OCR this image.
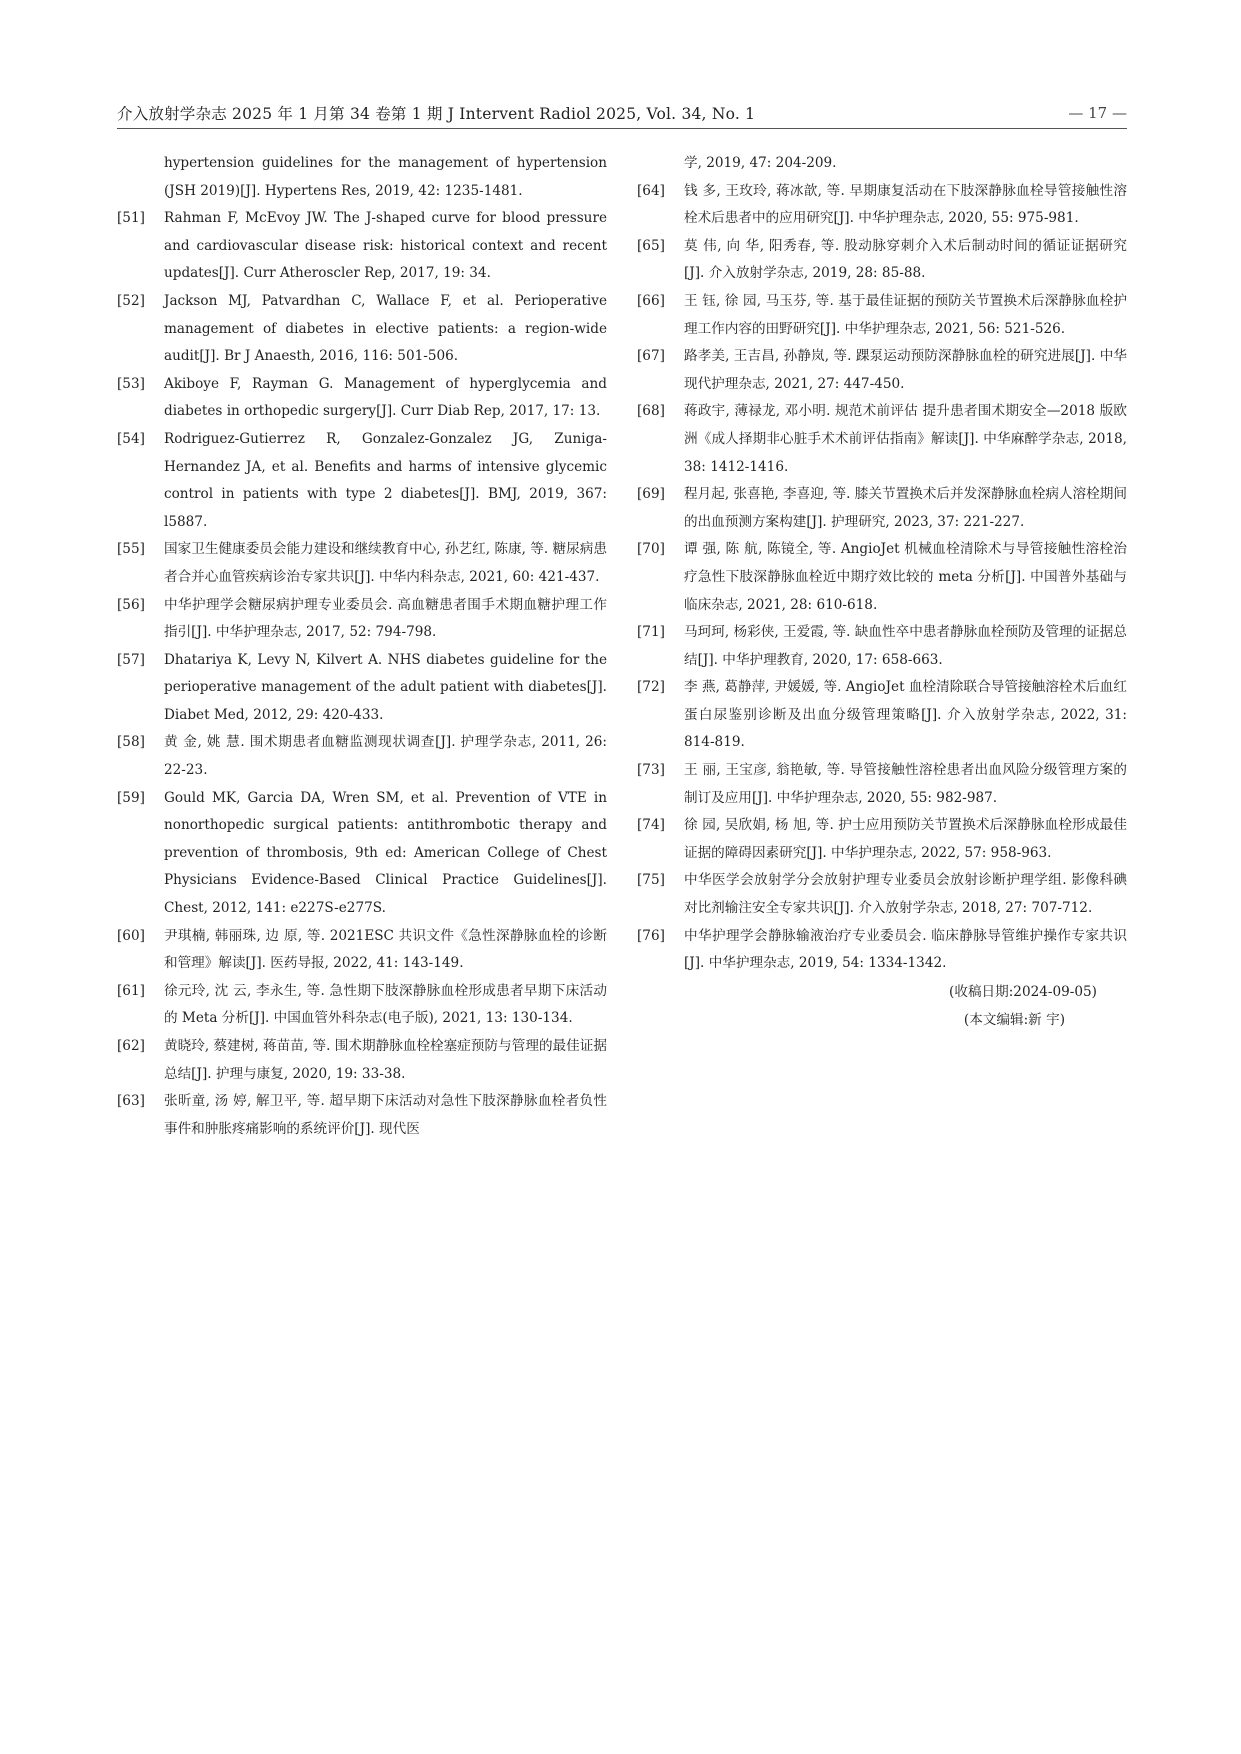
介入放射学杂志 2025 年 1 月第 34 卷第 1 期 J Intervent Radiol 2025, Vol. 34, No. 1	— 17 —
hypertension guidelines for the management of hypertension (JSH 2019)[J]. Hypertens Res, 2019, 42: 1235-1481.
[51]	Rahman F, McEvoy JW. The J-shaped curve for blood pressure and cardiovascular disease risk: historical context and recent updates[J]. Curr Atheroscler Rep, 2017, 19: 34.
[52]	Jackson MJ, Patvardhan C, Wallace F, et al. Perioperative management of diabetes in elective patients: a region-wide audit[J]. Br J Anaesth, 2016, 116: 501-506.
[53]	Akiboye F, Rayman G. Management of hyperglycemia and diabetes in orthopedic surgery[J]. Curr Diab Rep, 2017, 17: 13.
[54]	Rodriguez-Gutierrez R, Gonzalez-Gonzalez JG, Zuniga-Hernandez JA, et al. Benefits and harms of intensive glycemic control in patients with type 2 diabetes[J]. BMJ, 2019, 367: l5887.
[55]	国家卫生健康委员会能力建设和继续教育中心, 孙艺红, 陈康, 等. 糖尿病患者合并心血管疾病诊治专家共识[J]. 中华内科杂志, 2021, 60: 421-437.
[56]	中华护理学会糖尿病护理专业委员会. 高血糖患者围手术期血糖护理工作指引[J]. 中华护理杂志, 2017, 52: 794-798.
[57]	Dhatariya K, Levy N, Kilvert A. NHS diabetes guideline for the perioperative management of the adult patient with diabetes[J]. Diabet Med, 2012, 29: 420-433.
[58]	黄 金, 姚 慧. 围术期患者血糖监测现状调查[J]. 护理学杂志, 2011, 26: 22-23.
[59]	Gould MK, Garcia DA, Wren SM, et al. Prevention of VTE in nonorthopedic surgical patients: antithrombotic therapy and prevention of thrombosis, 9th ed: American College of Chest Physicians Evidence-Based Clinical Practice Guidelines[J]. Chest, 2012, 141: e227S-e277S.
[60]	尹琪楠, 韩丽珠, 边 原, 等. 2021ESC 共识文件《急性深静脉血栓的诊断和管理》解读[J]. 医药导报, 2022, 41: 143-149.
[61]	徐元玲, 沈 云, 李永生, 等. 急性期下肢深静脉血栓形成患者早期下床活动的 Meta 分析[J]. 中国血管外科杂志(电子版), 2021, 13: 130-134.
[62]	黄晓玲, 蔡建树, 蒋苗苗, 等. 围术期静脉血栓栓塞症预防与管理的最佳证据总结[J]. 护理与康复, 2020, 19: 33-38.
[63]	张昕童, 汤 婷, 解卫平, 等. 超早期下床活动对急性下肢深静脉血栓者负性事件和肿胀疼痛影响的系统评价[J]. 现代医
学, 2019, 47: 204-209.
[64]	钱 多, 王玫玲, 蒋冰歆, 等. 早期康复活动在下肢深静脉血栓导管接触性溶栓术后患者中的应用研究[J]. 中华护理杂志, 2020, 55: 975-981.
[65]	莫 伟, 向 华, 阳秀春, 等. 股动脉穿刺介入术后制动时间的循证证据研究[J]. 介入放射学杂志, 2019, 28: 85-88.
[66]	王 钰, 徐 园, 马玉芬, 等. 基于最佳证据的预防关节置换术后深静脉血栓护理工作内容的田野研究[J]. 中华护理杂志, 2021, 56: 521-526.
[67]	路孝美, 王吉昌, 孙静岚, 等. 踝泵运动预防深静脉血栓的研究进展[J]. 中华现代护理杂志, 2021, 27: 447-450.
[68]	蒋政宇, 薄禄龙, 邓小明. 规范术前评估 提升患者围术期安全—2018 版欧洲《成人择期非心脏手术术前评估指南》解读[J]. 中华麻醉学杂志, 2018, 38: 1412-1416.
[69]	程月起, 张喜艳, 李喜迎, 等. 膝关节置换术后并发深静脉血栓病人溶栓期间的出血预测方案构建[J]. 护理研究, 2023, 37: 221-227.
[70]	谭 强, 陈 航, 陈镜全, 等. AngioJet 机械血栓清除术与导管接触性溶栓治疗急性下肢深静脉血栓近中期疗效比较的 meta 分析[J]. 中国普外基础与临床杂志, 2021, 28: 610-618.
[71]	马珂珂, 杨彩侠, 王爱霞, 等. 缺血性卒中患者静脉血栓预防及管理的证据总结[J]. 中华护理教育, 2020, 17: 658-663.
[72]	李 燕, 葛静萍, 尹媛媛, 等. AngioJet 血栓清除联合导管接触溶栓术后血红蛋白尿鉴别诊断及出血分级管理策略[J]. 介入放射学杂志, 2022, 31: 814-819.
[73]	王 丽, 王宝彦, 翁艳敏, 等. 导管接触性溶栓患者出血风险分级管理方案的制订及应用[J]. 中华护理杂志, 2020, 55: 982-987.
[74]	徐 园, 吴欣娟, 杨 旭, 等. 护士应用预防关节置换术后深静脉血栓形成最佳证据的障碍因素研究[J]. 中华护理杂志, 2022, 57: 958-963.
[75]	中华医学会放射学分会放射护理专业委员会放射诊断护理学组. 影像科碘对比剂输注安全专家共识[J]. 介入放射学杂志, 2018, 27: 707-712.
[76]	中华护理学会静脉输液治疗专业委员会. 临床静脉导管维护操作专家共识[J]. 中华护理杂志, 2019, 54: 1334-1342.
(收稿日期:2024-09-05)
(本文编辑:新 宇)
